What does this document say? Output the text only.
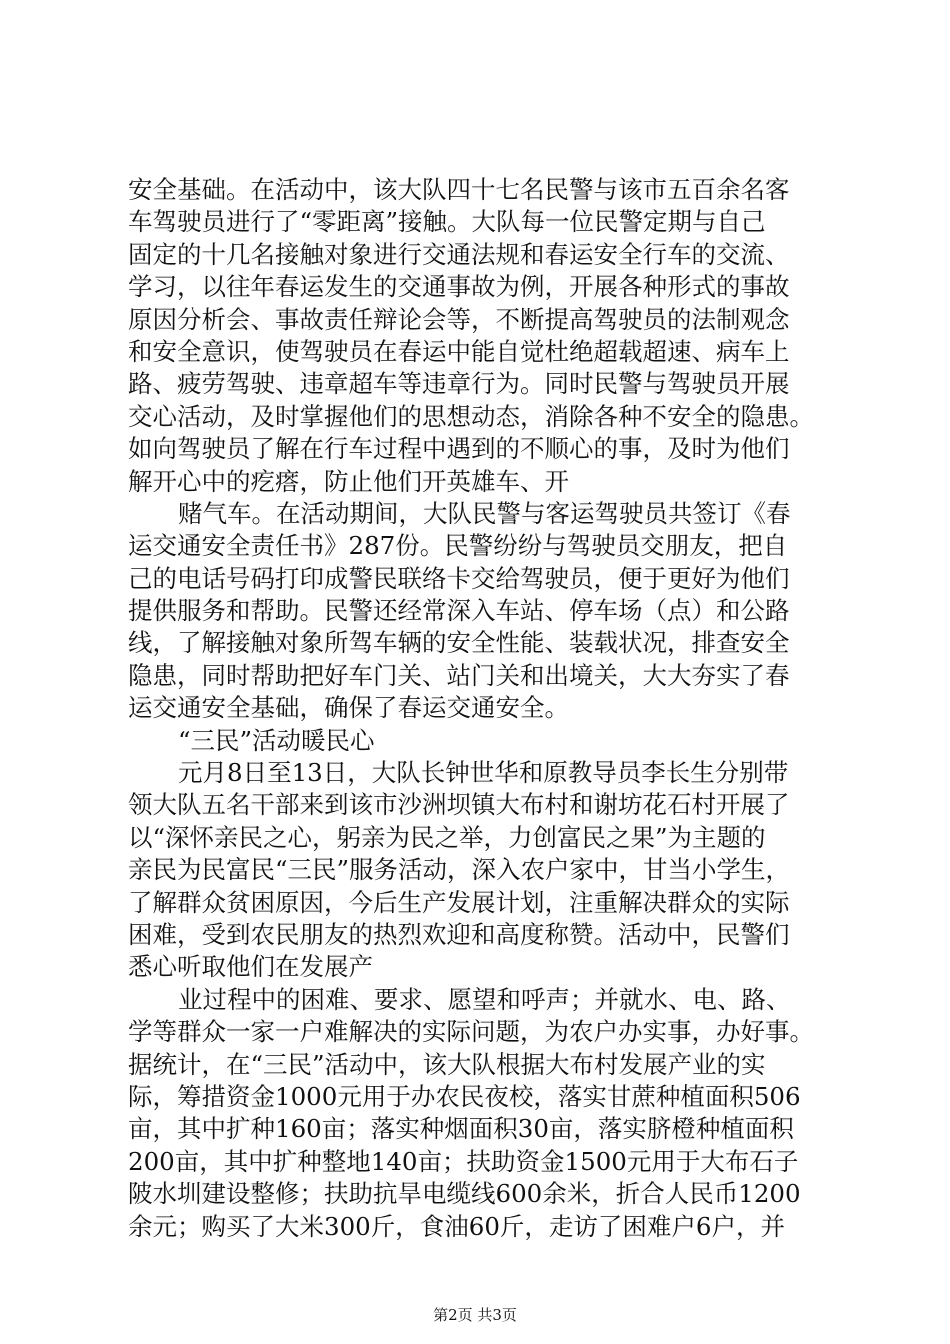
安全基础。在活动中，该大队四十七名民警与该市五百余名客
车驾驶员进行了“零距离”接触。大队每一位民警定期与自己
固定的十几名接触对象进行交通法规和春运安全行车的交流、
学习，以往年春运发生的交通事故为例，开展各种形式的事故
原因分析会、事故责任辩论会等，不断提高驾驶员的法制观念
和安全意识，使驾驶员在春运中能自觉杜绝超载超速、病车上
路、疲劳驾驶、违章超车等违章行为。同时民警与驾驶员开展
交心活动，及时掌握他们的思想动态，消除各种不安全的隐患。
如向驾驶员了解在行车过程中遇到的不顺心的事，及时为他们
解开心中的疙瘩，防止他们开英雄车、开
赌气车。在活动期间，大队民警与客运驾驶员共签订《春
运交通安全责任书》287份。民警纷纷与驾驶员交朋友，把自
己的电话号码打印成警民联络卡交给驾驶员，便于更好为他们
提供服务和帮助。民警还经常深入车站、停车场（点）和公路
线，了解接触对象所驾车辆的安全性能、装载状况，排查安全
隐患，同时帮助把好车门关、站门关和出境关，大大夯实了春
运交通安全基础，确保了春运交通安全。
“三民”活动暖民心
元月8日至13日，大队长钟世华和原教导员李长生分别带
领大队五名干部来到该市沙洲坝镇大布村和谢坊花石村开展了
以“深怀亲民之心，躬亲为民之举，力创富民之果”为主题的
亲民为民富民“三民”服务活动，深入农户家中，甘当小学生，
了解群众贫困原因，今后生产发展计划，注重解决群众的实际
困难，受到农民朋友的热烈欢迎和高度称赞。活动中，民警们
悉心听取他们在发展产
业过程中的困难、要求、愿望和呼声；并就水、电、路、
学等群众一家一户难解决的实际问题，为农户办实事，办好事。
据统计，在“三民”活动中，该大队根据大布村发展产业的实
际，筹措资金1000元用于办农民夜校，落实甘蔗种植面积506
亩，其中扩种160亩；落实种烟面积30亩，落实脐橙种植面积
200亩，其中扩种整地140亩；扶助资金1500元用于大布石子
陂水圳建设整修；扶助抗旱电缆线600余米，折合人民币1200
余元；购买了大米300斤，食油60斤，走访了困难户6户，并
第2页 共3页
